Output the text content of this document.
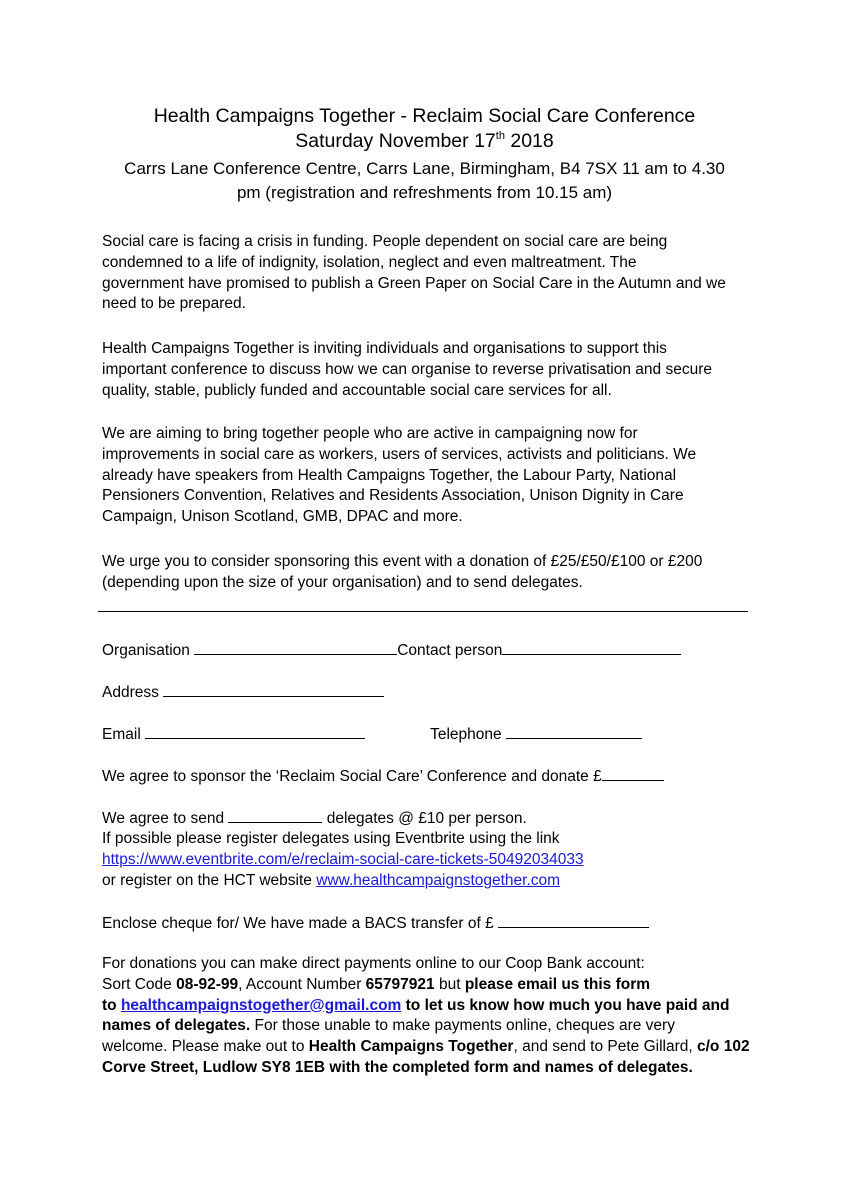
Health Campaigns Together - Reclaim Social Care Conference

Saturday November 17th 2018

Carrs Lane Conference Centre, Carrs Lane, Birmingham, B4 7SX 11 am to 4.30
pm (registration and refreshments from 10.15 am)

Social care is facing a crisis in funding. People dependent on social care are being

condemned to a life of indignity, isolation, neglect and even maltreatment. The

government have promised to publish a Green Paper on Social Care in the Autumn and we

need to be prepared.

Health Campaigns Together is inviting individuals and organisations to support this

important conference to discuss how we can organise to reverse privatisation and secure

quality, stable, publicly funded and accountable social care services for all.

We are aiming to bring together people who are active in campaigning now for

improvements in social care as workers, users of services, activists and politicians. We

already have speakers from Health Campaigns Together, the Labour Party, National

Pensioners Convention, Relatives and Residents Association, Unison Dignity in Care

Campaign, Unison Scotland, GMB, DPAC and more.

We urge you to consider sponsoring this event with a donation of £25/£50/£100 or £200

(depending upon the size of your organisation) and to send delegates.

Organisation	Contact person
Address
Email	Telephone
We agree to sponsor the ‘Reclaim Social Care’ Conference and donate £
We agree to send	delegates @ £10 per person.
If possible please register delegates using Eventbrite using the link
https://www.eventbrite.com/e/reclaim-social-care-tickets-50492034033
or register on the HCT website www.healthcampaignstogether.com
Enclose cheque for/ We have made a BACS transfer of £

For donations you can make direct payments online to our Coop Bank account:

Sort Code 08-92-99, Account Number 65797921 but please email us this form

to healthcampaignstogether@gmail.com to let us know how much you have paid and

names of delegates. For those unable to make payments online, cheques are very

welcome. Please make out to Health Campaigns Together, and send to Pete Gillard, c/o 102

Corve Street, Ludlow SY8 1EB with the completed form and names of delegates.
